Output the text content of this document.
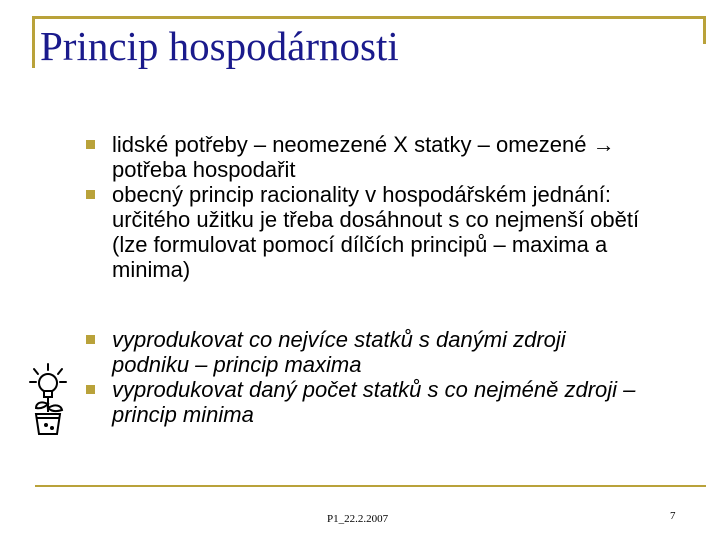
Princip hospodárnosti
lidské potřeby – neomezené X statky – omezené → potřeba hospodařit
obecný princip racionality v hospodářském jednání: určitého užitku je třeba dosáhnout s co nejmenší obětí (lze formulovat pomocí dílčích principů – maxima a minima)
vyprodukovat co nejvíce statků s danými zdroji podniku – princip maxima
vyprodukovat daný počet statků s co nejméně zdroji – princip minima
P1_22.2.2007	7
